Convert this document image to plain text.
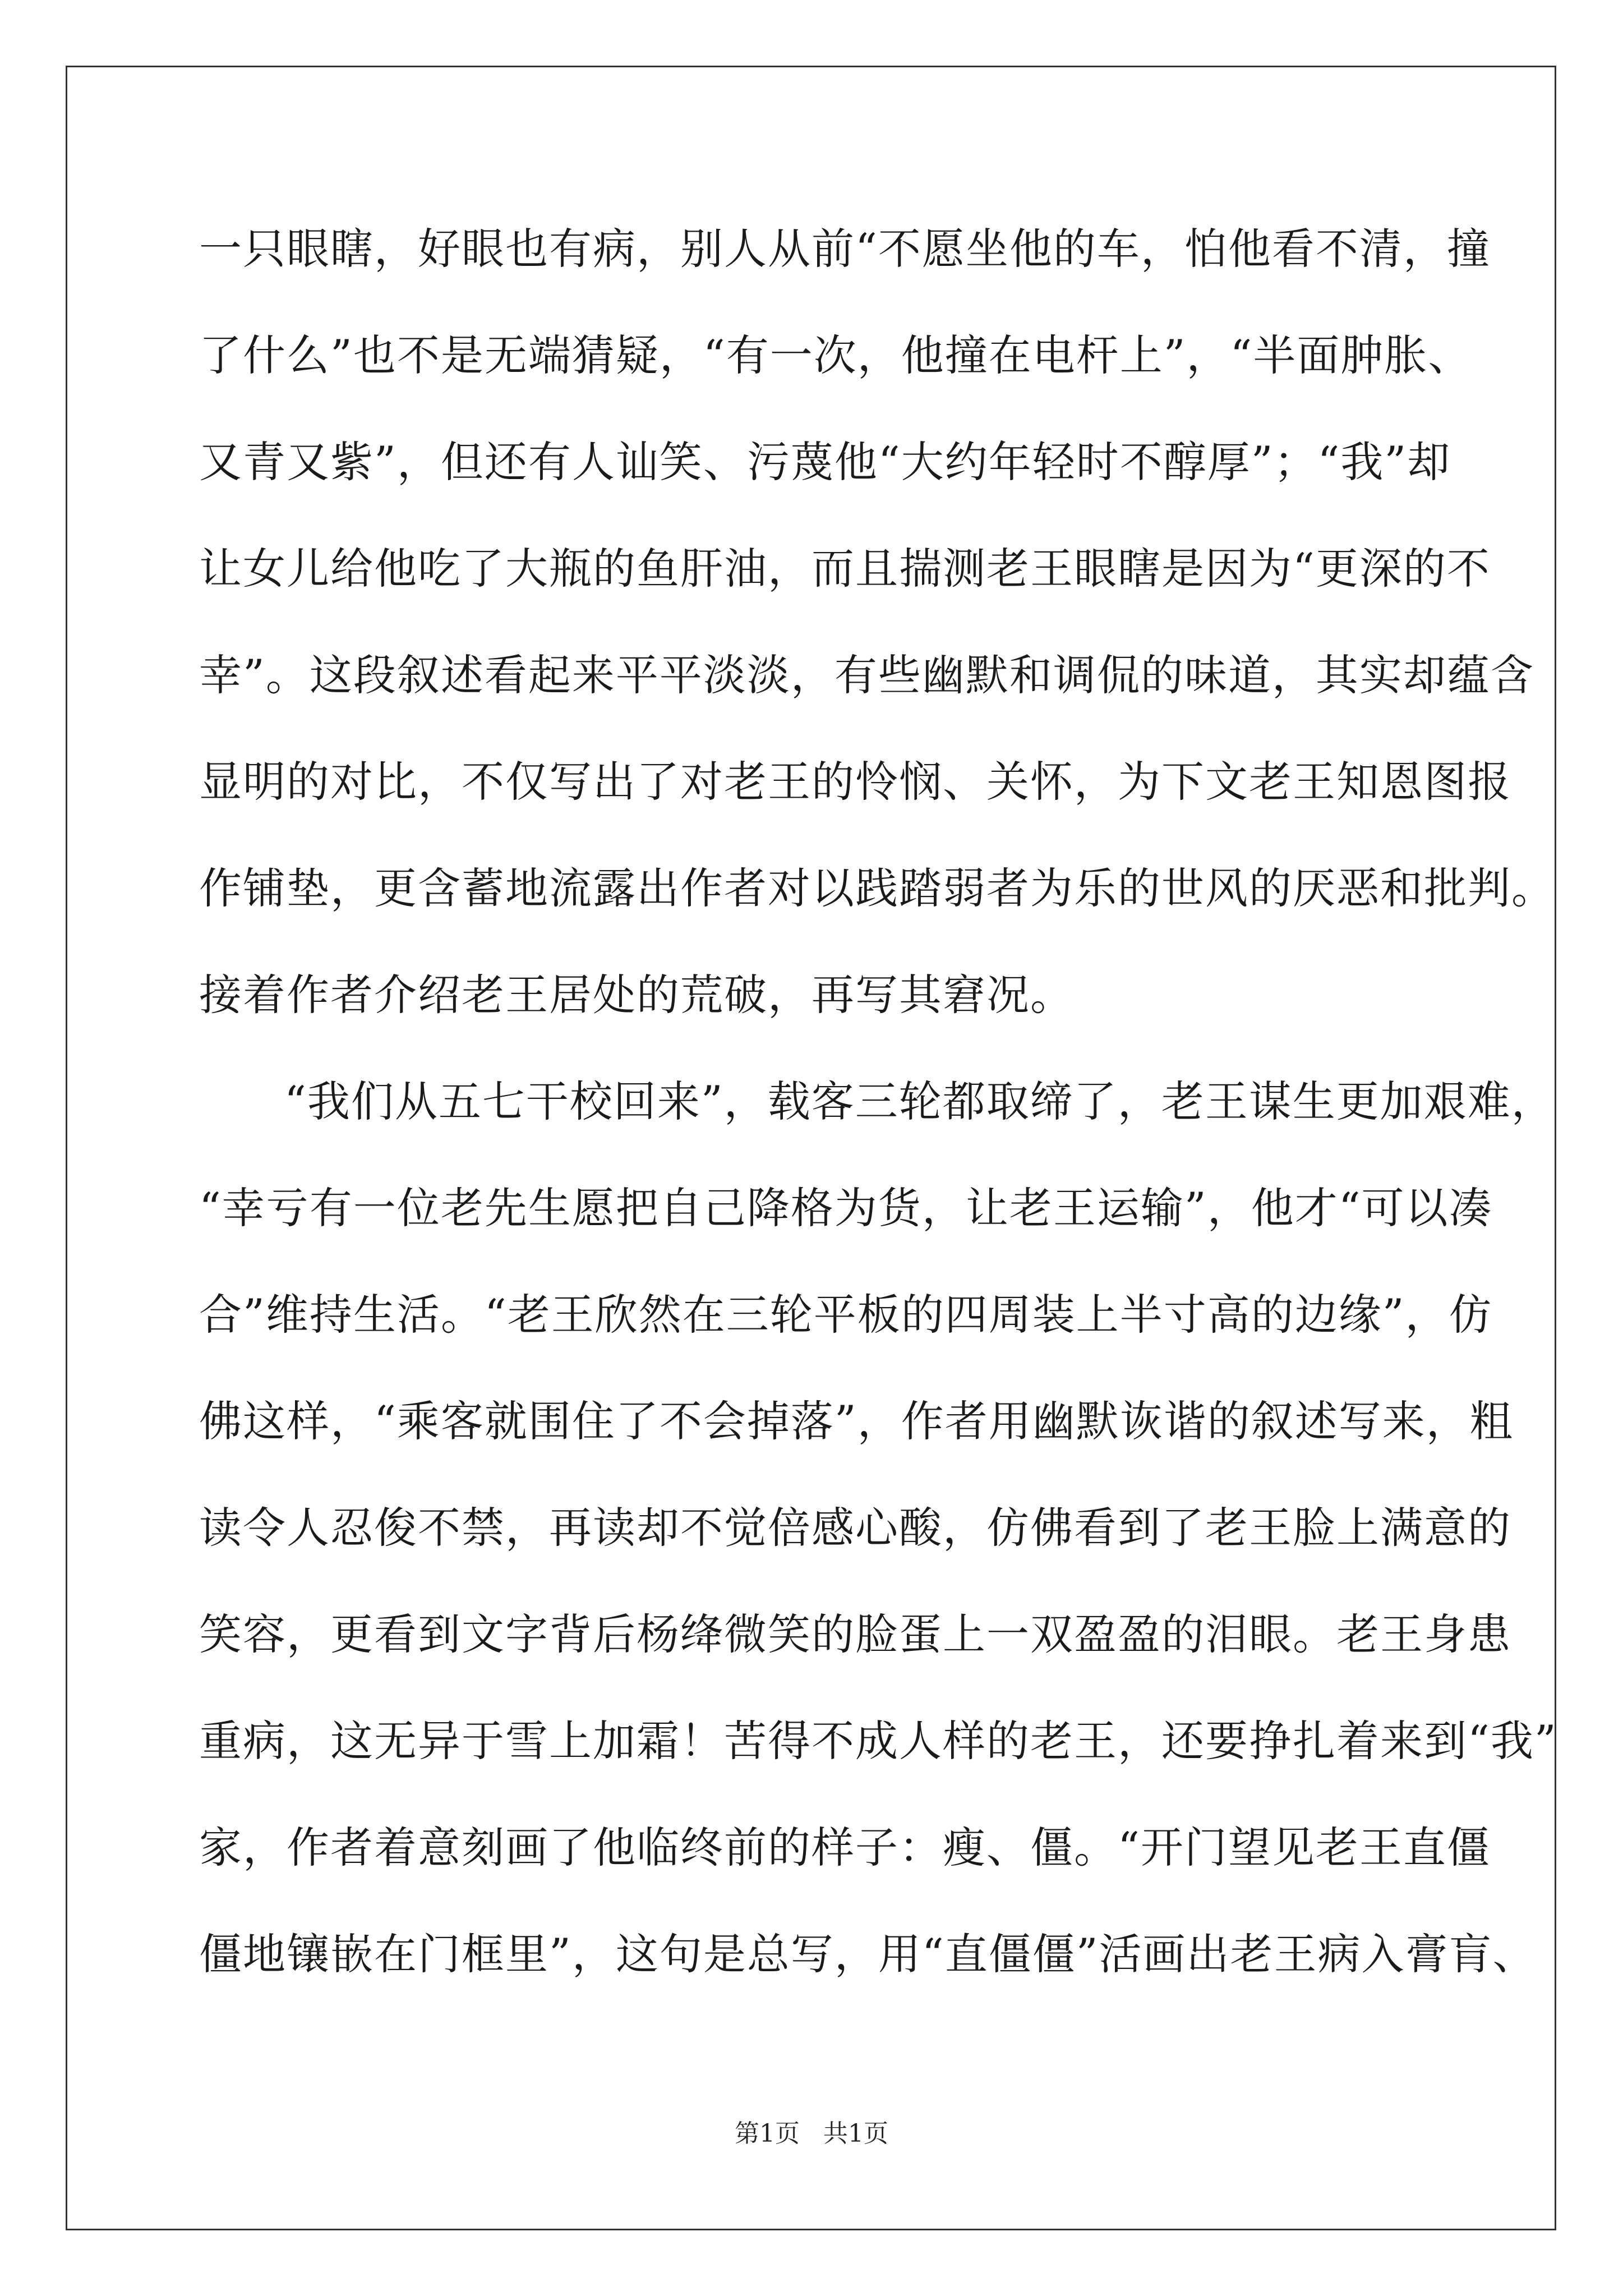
一只眼瞎，好眼也有病，别人从前“不愿坐他的车，怕他看不清，撞
了什么”也不是无端猜疑，“有一次，他撞在电杆上”，“半面肿胀、
又青又紫”，但还有人讪笑、污蔑他“大约年轻时不醇厚”；“我”却
让女儿给他吃了大瓶的鱼肝油，而且揣测老王眼瞎是因为“更深的不
幸”。这段叙述看起来平平淡淡，有些幽默和调侃的味道，其实却蕴含
显明的对比，不仅写出了对老王的怜悯、关怀，为下文老王知恩图报
作铺垫，更含蓄地流露出作者对以践踏弱者为乐的世风的厌恶和批判。
接着作者介绍老王居处的荒破，再写其窘况。
“我们从五七干校回来”，载客三轮都取缔了，老王谋生更加艰难，
“幸亏有一位老先生愿把自己降格为货，让老王运输”，他才“可以凑
合”维持生活。“老王欣然在三轮平板的四周装上半寸高的边缘”，仿
佛这样，“乘客就围住了不会掉落”，作者用幽默诙谐的叙述写来，粗
读令人忍俊不禁，再读却不觉倍感心酸，仿佛看到了老王脸上满意的
笑容，更看到文字背后杨绛微笑的脸蛋上一双盈盈的泪眼。老王身患
重病，这无异于雪上加霜！苦得不成人样的老王，还要挣扎着来到“我”
家，作者着意刻画了他临终前的样子：瘦、僵。“开门望见老王直僵
僵地镶嵌在门框里”，这句是总写，用“直僵僵”活画出老王病入膏肓、
第1页 共1页
